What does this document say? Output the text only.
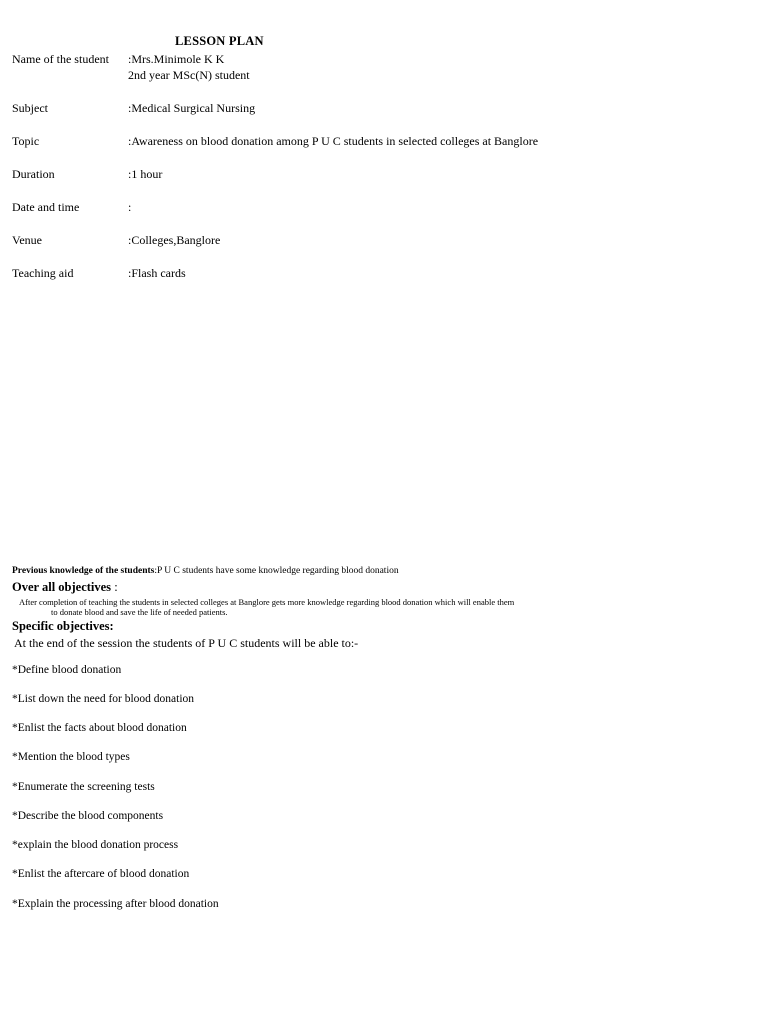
LESSON PLAN
Name of the student :Mrs.Minimole K K
2nd year MSc(N) student
Subject	:Medical Surgical Nursing
Topic	:Awareness on blood donation among P U C students in selected colleges at Banglore
Duration	:1 hour
Date and time	:
Venue	:Colleges,Banglore
Teaching aid	:Flash cards
Previous knowledge of the students:P U C students have some knowledge regarding blood donation
Over all objectives :
After completion of teaching the students in selected colleges at Banglore gets more knowledge regarding blood donation which will enable them
to donate blood and save the life of needed patients.
Specific objectives:
At the end of the session the students of P U C students will be able to:-
*Define blood donation
*List down the need for blood donation
*Enlist the facts about blood donation
*Mention the blood types
*Enumerate the screening tests
*Describe the blood components
*explain the blood donation process
*Enlist the aftercare of blood donation
*Explain the processing after blood donation
